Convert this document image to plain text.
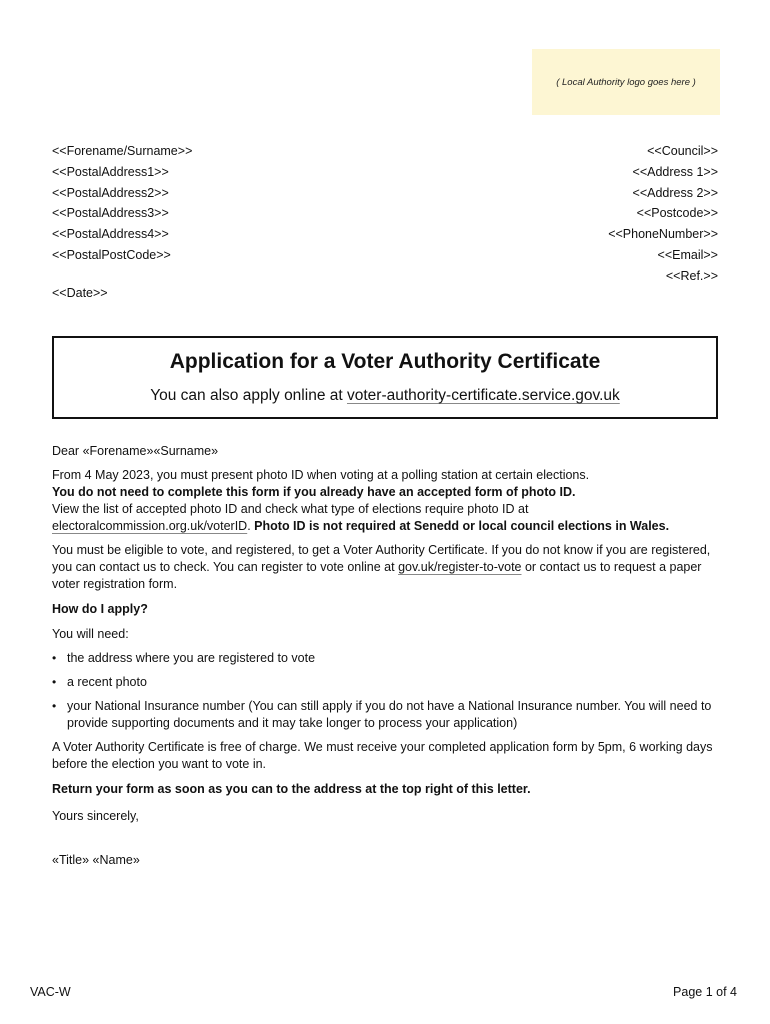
( Local Authority logo goes here )
<<Forename/Surname>>
<<PostalAddress1>>
<<PostalAddress2>>
<<PostalAddress3>>
<<PostalAddress4>>
<<PostalPostCode>>
<<Council>>
<<Address 1>>
<<Address 2>>
<<Postcode>>
<<PhoneNumber>>
<<Email>>
<<Ref.>>
<<Date>>
Application for a Voter Authority Certificate
You can also apply online at voter-authority-certificate.service.gov.uk

Dear «Forename»«Surname»

From 4 May 2023, you must present photo ID when voting at a polling station at certain elections.
You do not need to complete this form if you already have an accepted form of photo ID.
View the list of accepted photo ID and check what type of elections require photo ID at
electoralcommission.org.uk/voterID. Photo ID is not required at Senedd or local council elections in Wales.

You must be eligible to vote, and registered, to get a Voter Authority Certificate. If you do not know if you are registered, you can contact us to check. You can register to vote online at gov.uk/register-to-vote or contact us to request a paper voter registration form.

How do I apply?

You will need:

• the address where you are registered to vote
• a recent photo
• your National Insurance number (You can still apply if you do not have a National Insurance number. You will need to provide supporting documents and it may take longer to process your application)

A Voter Authority Certificate is free of charge. We must receive your completed application form by 5pm, 6 working days before the election you want to vote in.

Return your form as soon as you can to the address at the top right of this letter.

Yours sincerely,

«Title» «Name»

VAC-W	Page 1 of 4
